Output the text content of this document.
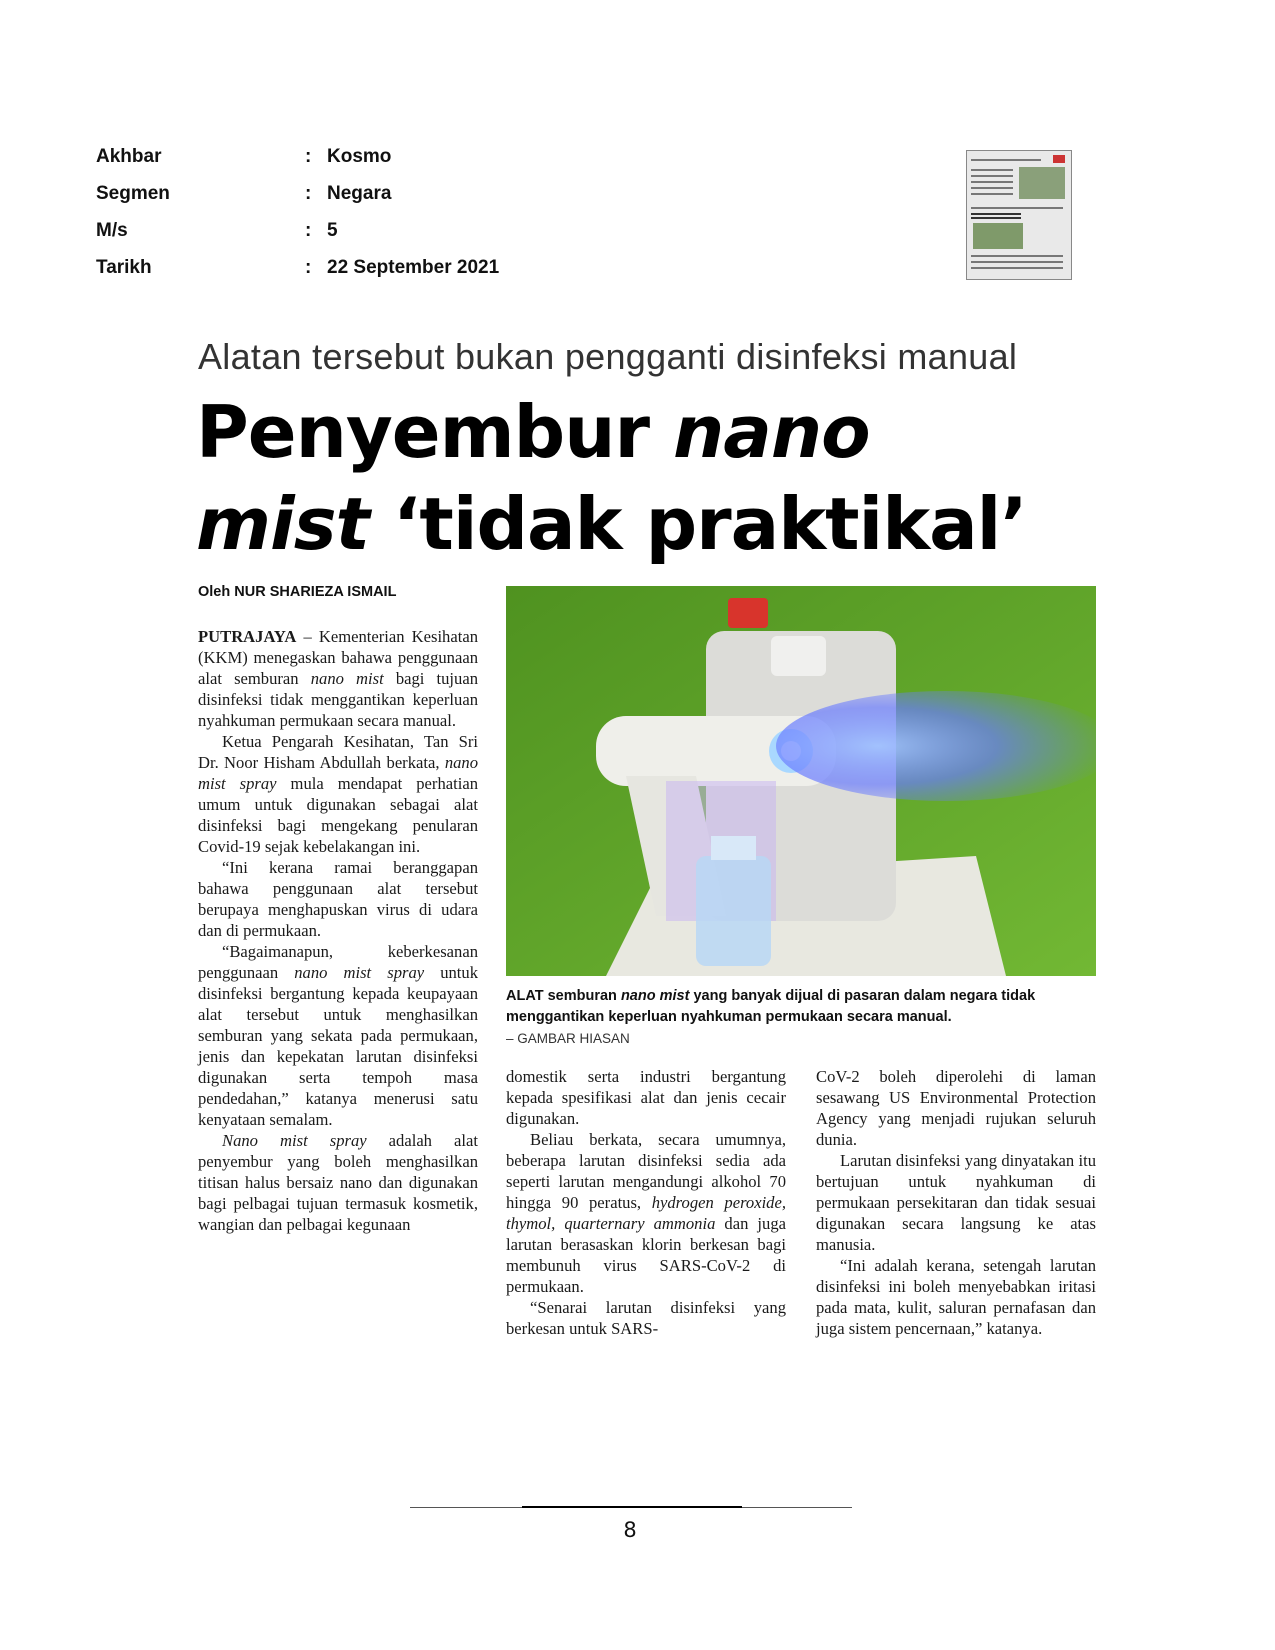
Akhbar	: Kosmo
Segmen	: Negara
M/s	: 5
Tarikh	: 22 September 2021
Alatan tersebut bukan pengganti disinfeksi manual
Penyembur nano
mist ‘tidak praktikal’
Oleh NUR SHARIEZA ISMAIL
ALAT semburan nano mist yang banyak dijual di pasaran dalam negara tidak menggantikan keperluan nyahkuman permukaan secara manual.
– GAMBAR HIASAN

PUTRAJAYA – Kementerian Kesihatan (KKM) menegaskan bahawa penggunaan alat semburan nano mist bagi tujuan disinfeksi tidak menggantikan keperluan nyahkuman permukaan secara manual.

Ketua Pengarah Kesihatan, Tan Sri Dr. Noor Hisham Abdullah berkata, nano mist spray mula mendapat perhatian umum untuk digunakan sebagai alat disinfeksi bagi mengekang penularan Covid-19 sejak kebelakangan ini.

“Ini kerana ramai beranggapan bahawa penggunaan alat tersebut berupaya menghapuskan virus di udara dan di permukaan.

“Bagaimanapun, keberkesanan penggunaan nano mist spray untuk disinfeksi bergantung kepada keupayaan alat tersebut untuk menghasilkan semburan yang sekata pada permukaan, jenis dan kepekatan larutan disinfeksi digunakan serta tempoh masa pendedahan,” katanya menerusi satu kenyataan semalam.

Nano mist spray adalah alat penyembur yang boleh menghasilkan titisan halus bersaiz nano dan digunakan bagi pelbagai tujuan termasuk kosmetik, wangian dan pelbagai kegunaan

domestik serta industri bergantung kepada spesifikasi alat dan jenis cecair digunakan.

Beliau berkata, secara umumnya, beberapa larutan disinfeksi sedia ada seperti larutan mengandungi alkohol 70 hingga 90 peratus, hydrogen peroxide, thymol, quarternary ammonia dan juga larutan berasaskan klorin berkesan bagi membunuh virus SARS-CoV-2 di permukaan.

“Senarai larutan disinfeksi yang berkesan untuk SARS-

CoV-2 boleh diperolehi di laman sesawang US Environmental Protection Agency yang menjadi rujukan seluruh dunia.

Larutan disinfeksi yang dinyatakan itu bertujuan untuk nyahkuman di permukaan persekitaran dan tidak sesuai digunakan secara langsung ke atas manusia.

“Ini adalah kerana, setengah larutan disinfeksi ini boleh menyebabkan iritasi pada mata, kulit, saluran pernafasan dan juga sistem pencernaan,” katanya.

8
